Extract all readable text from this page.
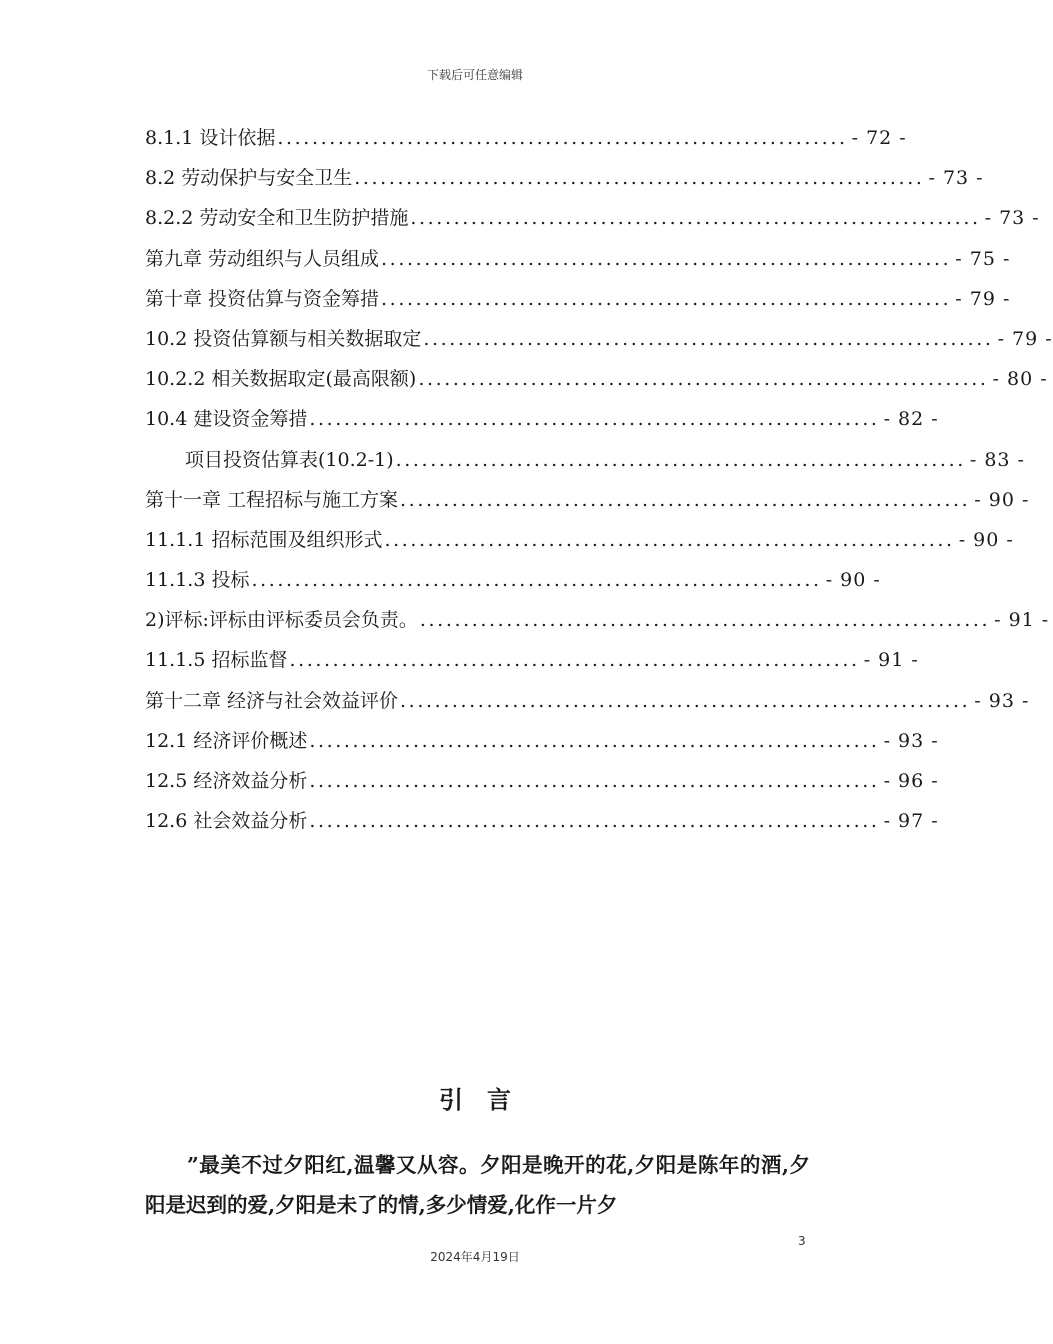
下载后可任意编辑
8.1.1 设计依据 .................................................................. - 72 -
8.2 劳动保护与安全卫生 .................................................................. - 73 -
8.2.2 劳动安全和卫生防护措施 .................................................................. - 73 -
第九章 劳动组织与人员组成 .................................................................. - 75 -
第十章 投资估算与资金筹措 .................................................................. - 79 -
10.2 投资估算额与相关数据取定 .................................................................. - 79 -
10.2.2 相关数据取定(最高限额) .................................................................. - 80 -
10.4 建设资金筹措 .................................................................. - 82 -
项目投资估算表(10.2-1) .................................................................. - 83 -
第十一章 工程招标与施工方案 .................................................................. - 90 -
11.1.1 招标范围及组织形式 .................................................................. - 90 -
11.1.3 投标 .................................................................. - 90 -
2)评标:评标由评标委员会负责。 .................................................................. - 91 -
11.1.5 招标监督 .................................................................. - 91 -
第十二章 经济与社会效益评价 .................................................................. - 93 -
12.1 经济评价概述 .................................................................. - 93 -
12.5 经济效益分析 .................................................................. - 96 -
12.6 社会效益分析 .................................................................. - 97 -
引言

”最美不过夕阳红,温馨又从容。夕阳是晚开的花,夕阳是陈年的酒,夕阳是迟到的爱,夕阳是未了的情,多少情爱,化作一片夕

3
2024年4月19日
